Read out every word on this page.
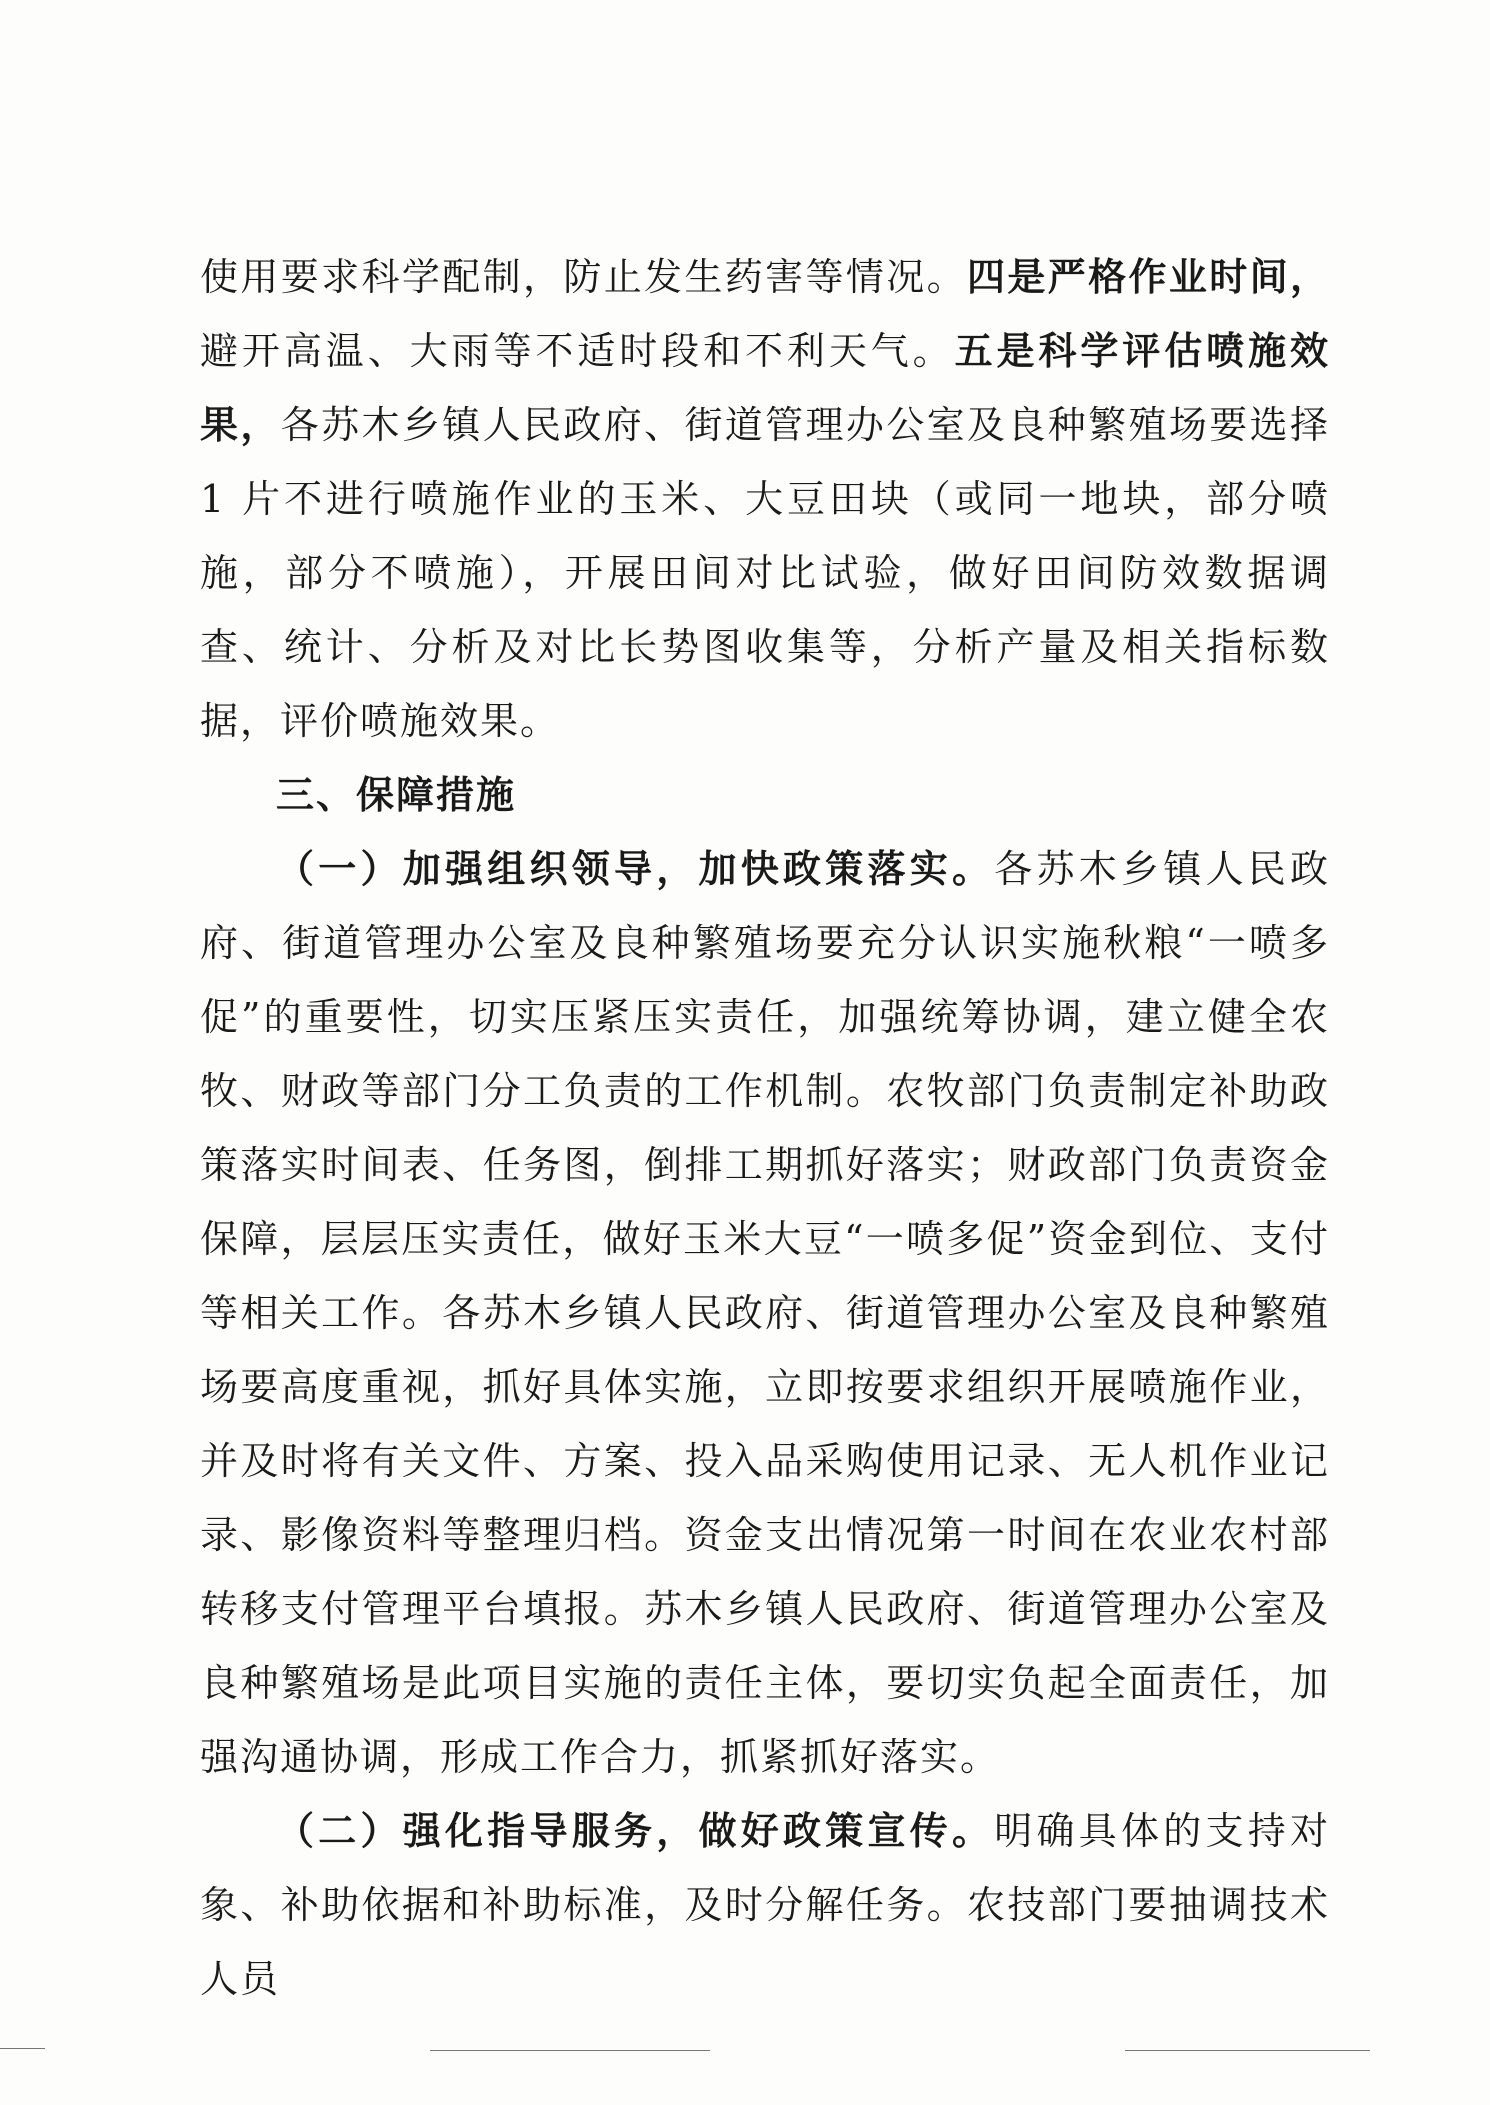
使用要求科学配制，防止发生药害等情况。四是严格作业时间，避开高温、大雨等不适时段和不利天气。五是科学评估喷施效果，各苏木乡镇人民政府、街道管理办公室及良种繁殖场要选择 1 片不进行喷施作业的玉米、大豆田块（或同一地块，部分喷施，部分不喷施），开展田间对比试验，做好田间防效数据调查、统计、分析及对比长势图收集等，分析产量及相关指标数据，评价喷施效果。

三、保障措施

（一）加强组织领导，加快政策落实。各苏木乡镇人民政府、街道管理办公室及良种繁殖场要充分认识实施秋粮“一喷多促”的重要性，切实压紧压实责任，加强统筹协调，建立健全农牧、财政等部门分工负责的工作机制。农牧部门负责制定补助政策落实时间表、任务图，倒排工期抓好落实；财政部门负责资金保障，层层压实责任，做好玉米大豆“一喷多促”资金到位、支付等相关工作。各苏木乡镇人民政府、街道管理办公室及良种繁殖场要高度重视，抓好具体实施，立即按要求组织开展喷施作业，并及时将有关文件、方案、投入品采购使用记录、无人机作业记录、影像资料等整理归档。资金支出情况第一时间在农业农村部转移支付管理平台填报。苏木乡镇人民政府、街道管理办公室及良种繁殖场是此项目实施的责任主体，要切实负起全面责任，加强沟通协调，形成工作合力，抓紧抓好落实。

（二）强化指导服务，做好政策宣传。明确具体的支持对象、补助依据和补助标准，及时分解任务。农技部门要抽调技术人员
